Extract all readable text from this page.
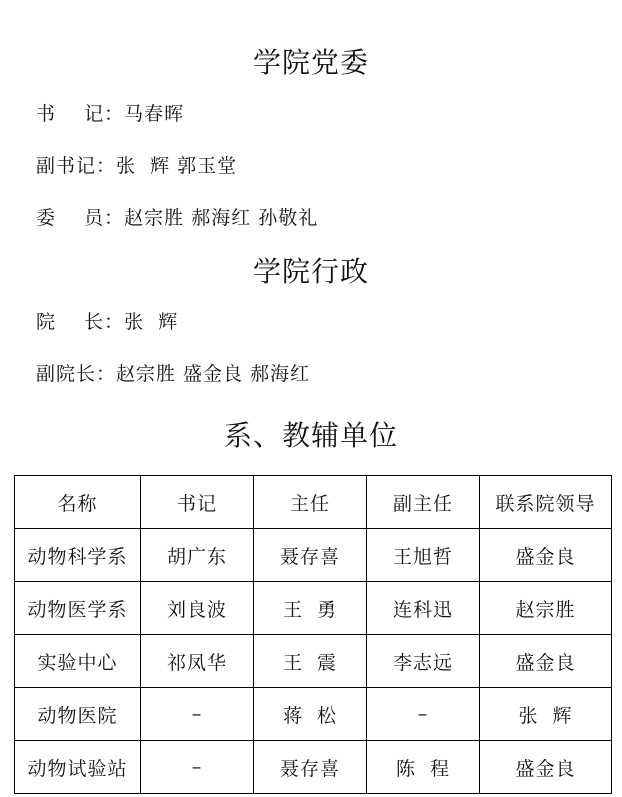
学院党委
书    记：马春晖
副书记：张  辉 郭玉堂
委    员：赵宗胜 郝海红 孙敬礼
学院行政
院    长：张  辉
副院长：赵宗胜 盛金良 郝海红
系、教辅单位
名称	书记	主任	副主任	联系院领导
动物科学系	胡广东	聂存喜	王旭哲	盛金良
动物医学系	刘良波	王  勇	连科迅	赵宗胜
实验中心	祁凤华	王  震	李志远	盛金良
动物医院	–	蒋  松	–	张  辉
动物试验站	–	聂存喜	陈  程	盛金良
